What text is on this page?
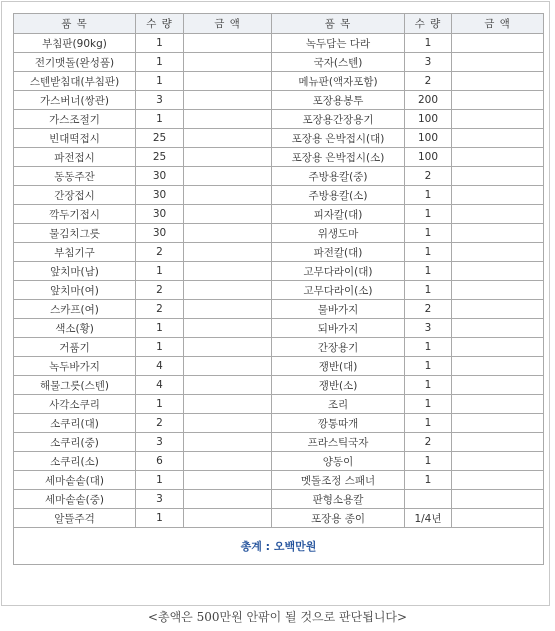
품 목	수 량	금 액	품 목	수 량	금 액
부침판(90kg)	1		녹두담는 다라	1	
전기맷돌(완성품)	1		국자(스텐)	3	
스텐받침대(부침판)	1		메뉴판(액자포함)	2	
가스버너(쌍관)	3		포장용봉투	200	
가스조절기	1		포장용간장용기	100	
빈대떡접시	25		포장용 은박접시(대)	100	
파전접시	25		포장용 은박접시(소)	100	
동동주잔	30		주방용칼(중)	2	
간장접시	30		주방용칼(소)	1	
깍두기접시	30		피자칼(대)	1	
물김치그릇	30		위생도마	1	
부침기구	2		파전칼(대)	1	
앞치마(남)	1		고무다라이(대)	1	
앞치마(여)	2		고무다라이(소)	1	
스카프(여)	2		물바가지	2	
색소(황)	1		되바가지	3	
거품기	1		간장용기	1	
녹두바가지	4		쟁반(대)	1	
해물그릇(스텐)	4		쟁반(소)	1	
사각소쿠리	1		조리	1	
소쿠리(대)	2		깡통따개	1	
소쿠리(중)	3		프라스틱국자	2	
소쿠리(소)	6		양동이	1	
세마솥솥(대)	1		멧돌조정 스패너	1	
세마솥솥(중)	3		판형소용칼		
알뜰주걱	1		포장용 종이	1/4년	
총계 : 오백만원					
<총액은 500만원 안팎이 될 것으로 판단됩니다>
